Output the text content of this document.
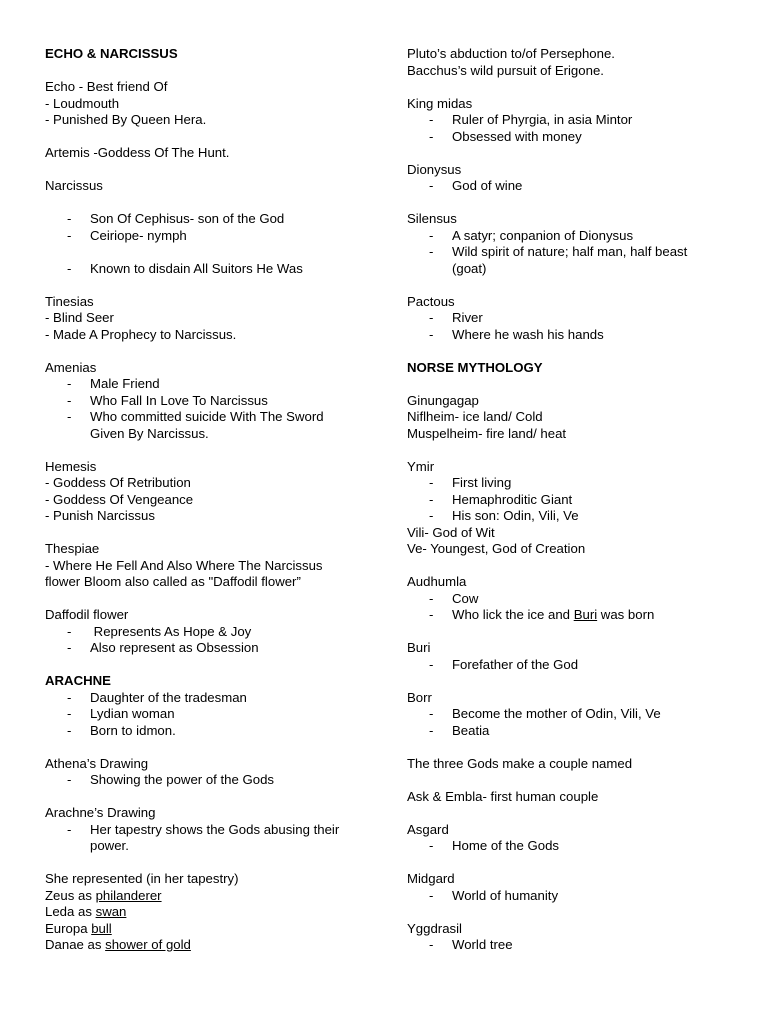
ECHO & NARCISSUS
Echo - Best friend Of
- Loudmouth
- Punished By Queen Hera.
Artemis -Goddess Of The Hunt.
Narcissus
- Son Of Cephisus- son of the God
- Ceiriope- nymph
- Known to disdain All Suitors He Was
Tinesias
- Blind Seer
- Made A Prophecy to Narcissus.
Amenias
- Male Friend
- Who Fall In Love To Narcissus
- Who committed suicide With The Sword Given By Narcissus.
Hemesis
- Goddess Of Retribution
- Goddess Of Vengeance
- Punish Narcissus
Thespiae
- Where He Fell And Also Where The Narcissus
flower Bloom also called as "Daffodil flower”
Daffodil flower
- Represents As Hope & Joy
- Also represent as Obsession
ARACHNE
- Daughter of the tradesman
- Lydian woman
- Born to idmon.
Athena’s Drawing
- Showing the power of the Gods
Arachne’s Drawing
- Her tapestry shows the Gods abusing their power.
She represented (in her tapestry)
Zeus as philanderer
Leda as swan
Europa bull
Danae as shower of gold
Pluto’s abduction to/of Persephone.
Bacchus’s wild pursuit of Erigone.
King midas
- Ruler of Phyrgia, in asia Mintor
- Obsessed with money
Dionysus
- God of wine
Silensus
- A satyr; conpanion of Dionysus
- Wild spirit of nature; half man, half beast (goat)
Pactous
- River
- Where he wash his hands
NORSE MYTHOLOGY
Ginungagap
Niflheim- ice land/ Cold
Muspelheim- fire land/ heat
Ymir
- First living
- Hemaphroditic Giant
- His son: Odin, Vili, Ve
Vili- God of Wit
Ve- Youngest, God of Creation
Audhumla
- Cow
- Who lick the ice and Buri was born
Buri
- Forefather of the God
Borr
- Become the mother of Odin, Vili, Ve
- Beatia
The three Gods make a couple named
Ask & Embla- first human couple
Asgard
- Home of the Gods
Midgard
- World of humanity
Yggdrasil
- World tree
